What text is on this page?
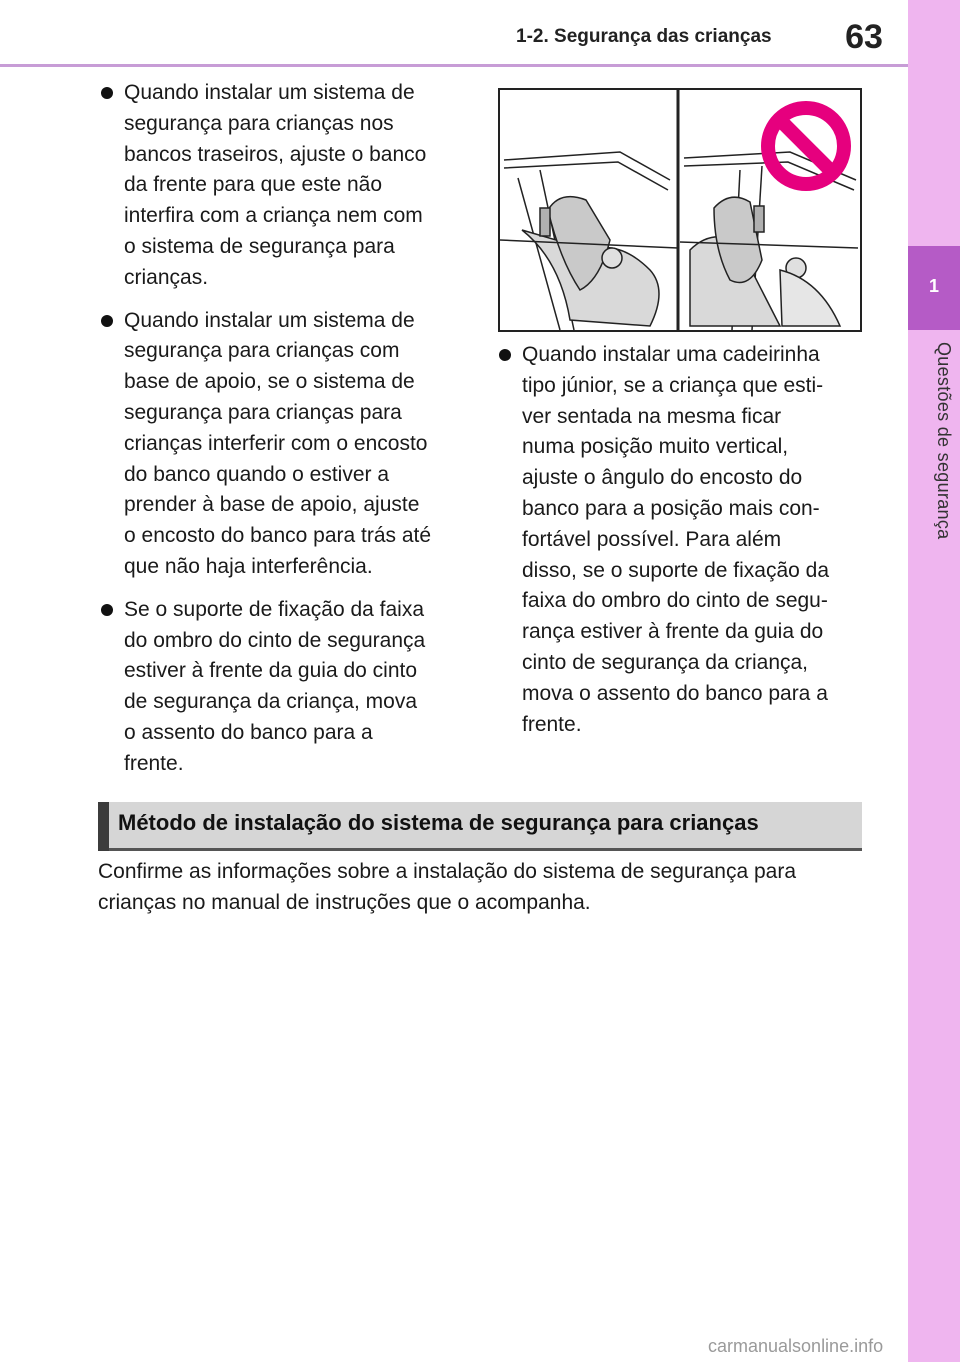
1
Questões de segurança
1-2. Segurança das crianças	63

Quando instalar um sistema de
segurança para crianças nos
bancos traseiros, ajuste o banco
da frente para que este não
interfira com a criança nem com
o sistema de segurança para
crianças.

Quando instalar um sistema de
segurança para crianças com
base de apoio, se o sistema de
segurança para crianças para
crianças interferir com o encosto
do banco quando o estiver a
prender à base de apoio, ajuste
o encosto do banco para trás até
que não haja interferência.

Se o suporte de fixação da faixa
do ombro do cinto de segurança
estiver à frente da guia do cinto
de segurança da criança, mova
o assento do banco para a
frente.

Quando instalar uma cadeirinha
tipo júnior, se a criança que esti-
ver sentada na mesma ficar
numa posição muito vertical,
ajuste o ângulo do encosto do
banco para a posição mais con-
fortável possível. Para além
disso, se o suporte de fixação da
faixa do ombro do cinto de segu-
rança estiver à frente da guia do
cinto de segurança da criança,
mova o assento do banco para a
frente.

Método de instalação do sistema de segurança para crianças

Confirme as informações sobre a instalação do sistema de segurança para
crianças no manual de instruções que o acompanha.

carmanualsonline.info
